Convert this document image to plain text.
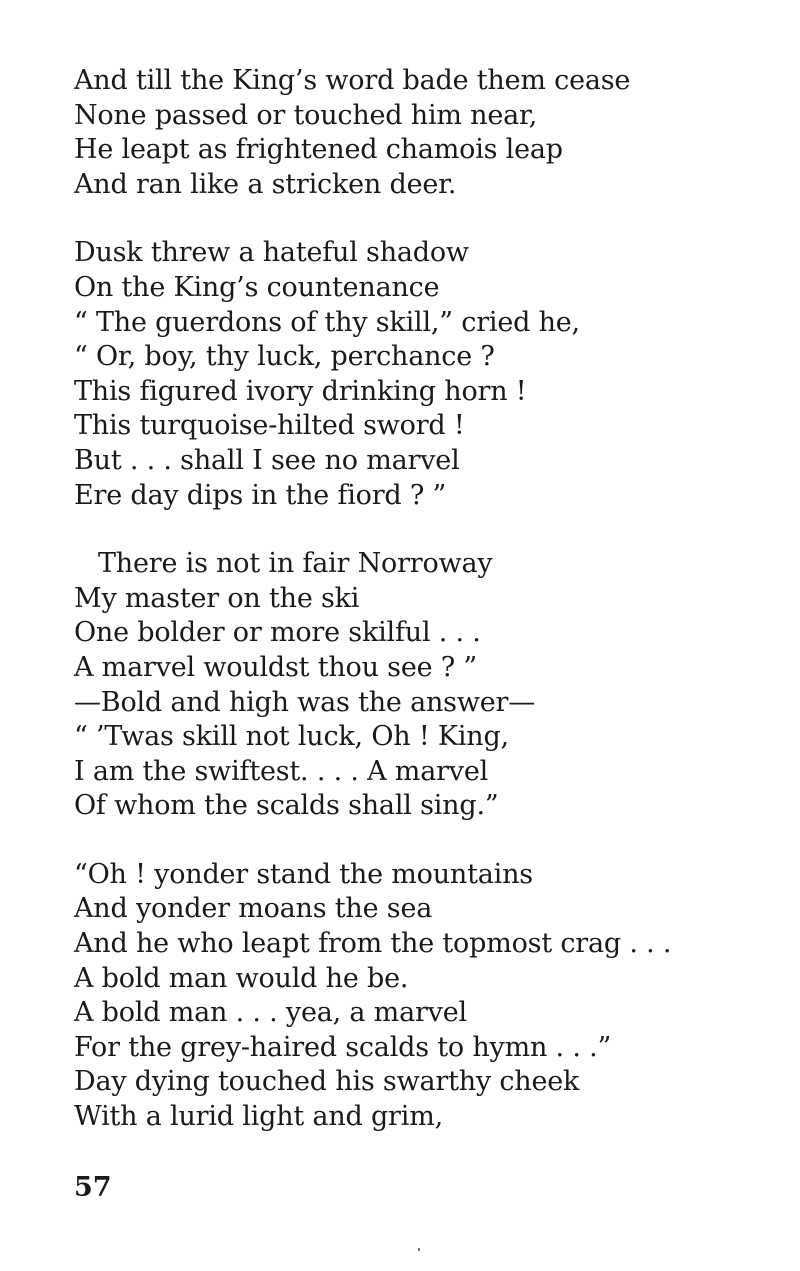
And till the King’s word bade them cease
None passed or touched him near,
He leapt as frightened chamois leap
And ran like a stricken deer.
Dusk threw a hateful shadow
On the King’s countenance
“ The guerdons of thy skill,” cried he,
“ Or, boy, thy luck, perchance ?
This figured ivory drinking horn !
This turquoise-hilted sword !
But . . . shall I see no marvel
Ere day dips in the fiord ? ”
There is not in fair Norroway
My master on the ski
One bolder or more skilful . . .
A marvel wouldst thou see ? ”
—Bold and high was the answer—
“ ’Twas skill not luck, Oh ! King,
I am the swiftest. . . . A marvel
Of whom the scalds shall sing.”
“Oh ! yonder stand the mountains
And yonder moans the sea
And he who leapt from the topmost crag . . .
A bold man would he be.
A bold man . . . yea, a marvel
For the grey-haired scalds to hymn . . .”
Day dying touched his swarthy cheek
With a lurid light and grim,
57
